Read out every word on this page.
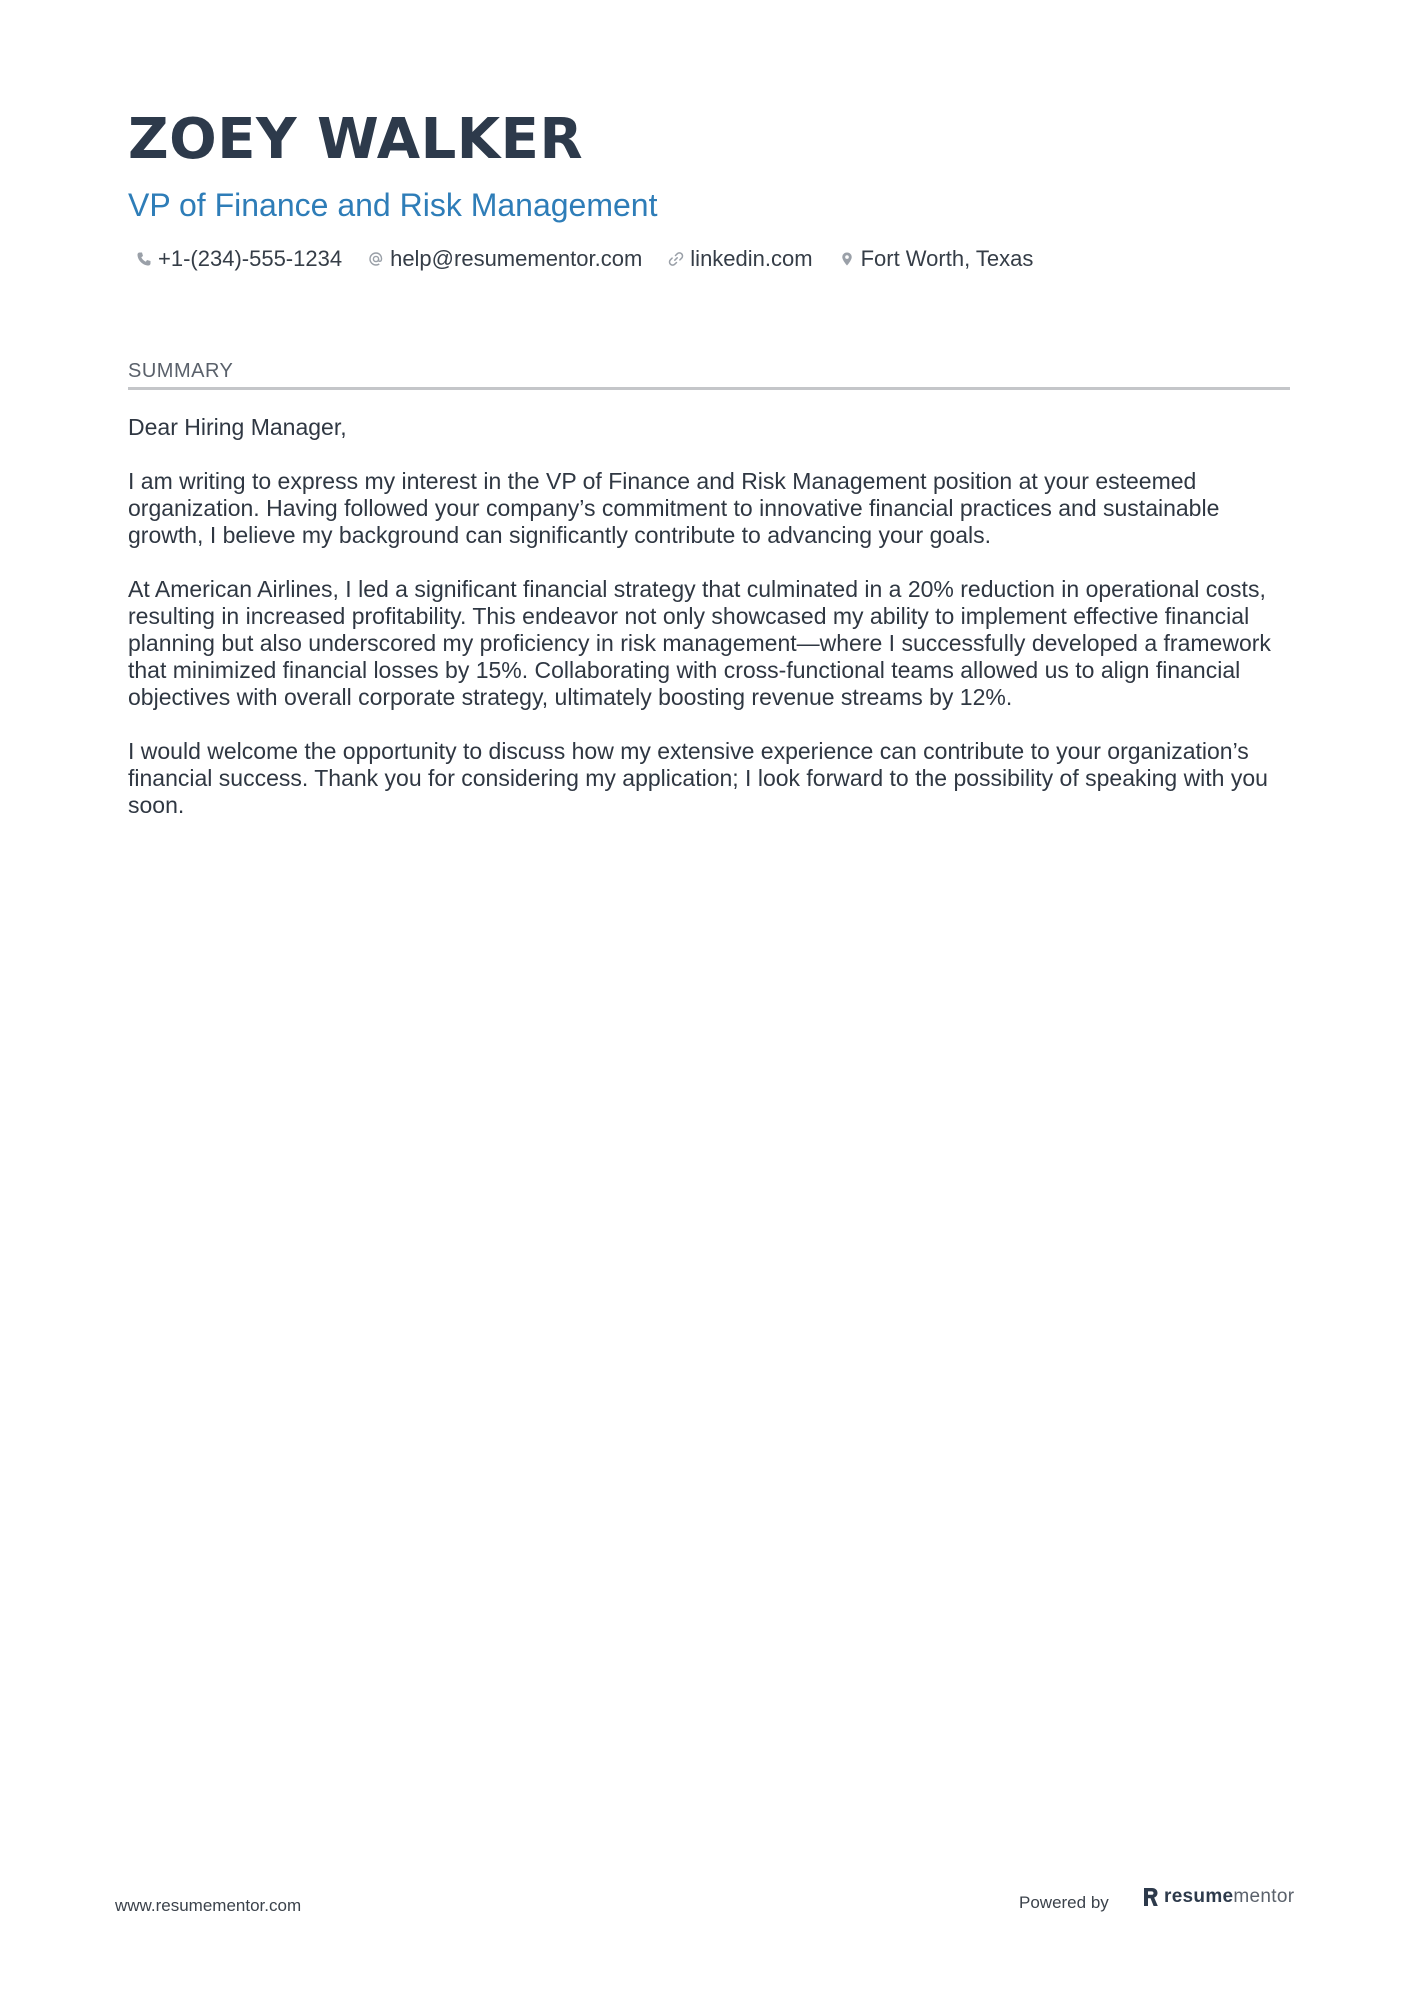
ZOEY WALKER
VP of Finance and Risk Management
+1-(234)-555-1234 help@resumementor.com linkedin.com Fort Worth, Texas
SUMMARY

Dear Hiring Manager,

I am writing to express my interest in the VP of Finance and Risk Management position at your esteemed organization. Having followed your company’s commitment to innovative financial practices and sustainable growth, I believe my background can significantly contribute to advancing your goals.

At American Airlines, I led a significant financial strategy that culminated in a 20% reduction in operational costs, resulting in increased profitability. This endeavor not only showcased my ability to implement effective financial planning but also underscored my proficiency in risk management—where I successfully developed a framework that minimized financial losses by 15%. Collaborating with cross-functional teams allowed us to align financial objectives with overall corporate strategy, ultimately boosting revenue streams by 12%.

I would welcome the opportunity to discuss how my extensive experience can contribute to your organization’s financial success. Thank you for considering my application; I look forward to the possibility of speaking with you soon.

www.resumementor.com	Powered by	resumementor
